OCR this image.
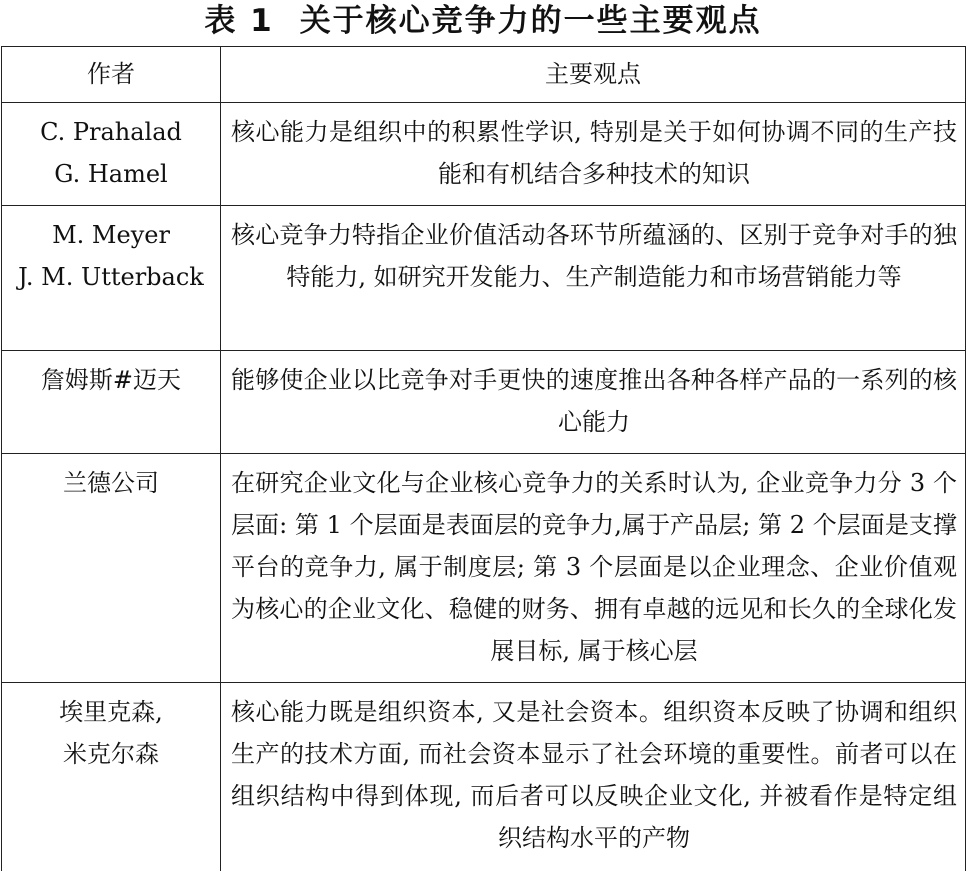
表 1 关于核心竞争力的一些主要观点
作者	主要观点

C. Prahalad
G. Hamel	核心能力是组织中的积累性学识, 特别是关于如何协调不同的生产技能和有机结合多种技术的知识

M. Meyer
J. M. Utterback	核心竞争力特指企业价值活动各环节所蕴涵的、区别于竞争对手的独特能力, 如研究开发能力、生产制造能力和市场营销能力等

詹姆斯#迈天	能够使企业以比竞争对手更快的速度推出各种各样产品的一系列的核心能力

兰德公司	在研究企业文化与企业核心竞争力的关系时认为, 企业竞争力分 3 个层面: 第 1 个层面是表面层的竞争力,属于产品层; 第 2 个层面是支撑平台的竞争力, 属于制度层; 第 3 个层面是以企业理念、企业价值观为核心的企业文化、稳健的财务、拥有卓越的远见和长久的全球化发展目标, 属于核心层

埃里克森,
米克尔森	核心能力既是组织资本, 又是社会资本。组织资本反映了协调和组织生产的技术方面, 而社会资本显示了社会环境的重要性。前者可以在组织结构中得到体现, 而后者可以反映企业文化, 并被看作是特定组织结构水平的产物
